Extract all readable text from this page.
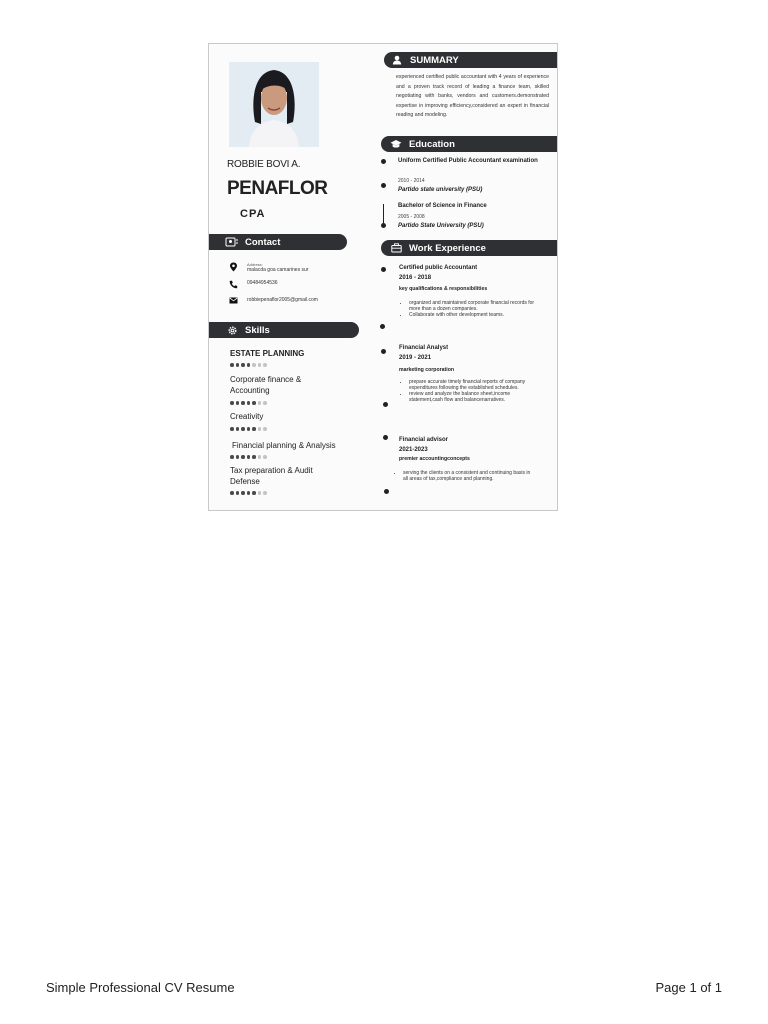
ROBBIE BOVI A.
PENAFLOR
CPA
Contact
Address:
malacda goa camarines sur
09484954536
robbiepenaflor2005@gmail.com
Skills
ESTATE PLANNING
Corporate finance &
Accounting
Creativity
Financial planning & Analysis
Tax preparation & Audit
Defense
SUMMARY
experienced certified public accountant with 4 years of experience and a proven track record of leading a finance team, skilled negotiating with banks, vendors and customers.demonstrated expertise in improving efficiency,considered an expert in financial reading and modeling.
Education
Uniform Certified Public Accountant examination
2010 - 2014
Partido state university (PSU)
Bachelor of Science in Finance
2005 - 2008
Partido State University (PSU)
Work Experience
Certified public Accountant
2016 - 2018
key qualifications & responsibilities
• organized and maintained corporate financial records for more than a dozen companies.
• Collaborate with other development teams.
Financial Analyst
2019 - 2021
marketing corporation
• prepare accurate timely financial reports of company expenditures following the established schedules.
• review and analyze the balance sheet,income statement,cash flow and balancenarratives.
Financial advisor
2021-2023
premier accountingconcepts
• serving the clients on a consistent and continuing basis in all areas of tax,compliance and planning.
Simple Professional CV Resume	Page 1 of 1
